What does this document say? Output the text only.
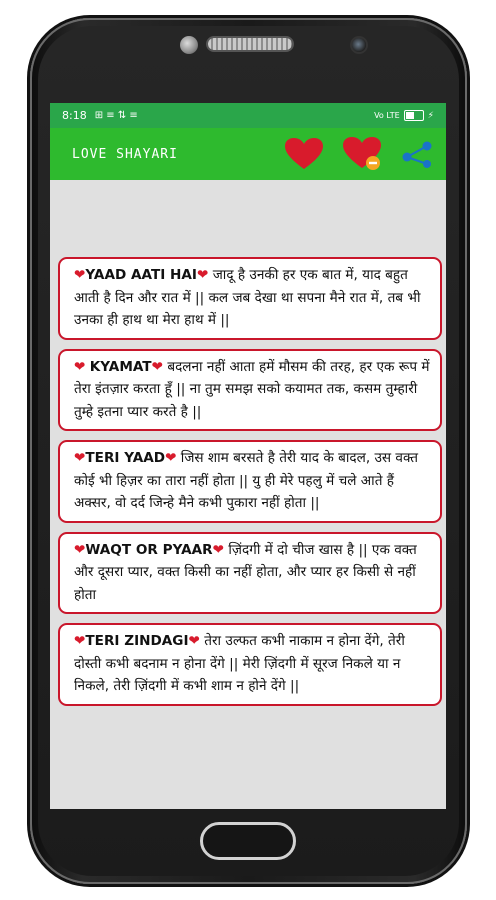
8:18 ⊞ ≡ ⇅ ≡	Vo LTE	⚡
LOVE SHAYARI
❤YAAD AATI HAI❤ जादू है उनकी हर एक बात में, याद बहुत आती है दिन और रात में || कल जब देखा था सपना मैने रात में, तब भी उनका ही हाथ था मेरा हाथ में ||
❤ KYAMAT❤ बदलना नहीं आता हमें मौसम की तरह, हर एक रूप में तेरा इंतज़ार करता हूँ || ना तुम समझ सको कयामत तक, कसम तुम्हारी तुम्हे इतना प्यार करते है ||
❤TERI YAAD❤ जिस शाम बरसते है तेरी याद के बादल, उस वक्त कोई भी हिज़र का तारा नहीं होता || यु ही मेरे पहलु में चले आते हैं अक्सर, वो दर्द जिन्हे मैने कभी पुकारा नहीं होता ||
❤WAQT OR PYAAR❤ ज़िंदगी में दो चीज खास है || एक वक्त और दूसरा प्यार, वक्त किसी का नहीं होता, और प्यार हर किसी से नहीं होता
❤TERI ZINDAGI❤ तेरा उल्फत कभी नाकाम न होना देंगे, तेरी दोस्ती कभी बदनाम न होना देंगे || मेरी ज़िंदगी में सूरज निकले या न निकले, तेरी ज़िंदगी में कभी शाम न होने देंगे ||
